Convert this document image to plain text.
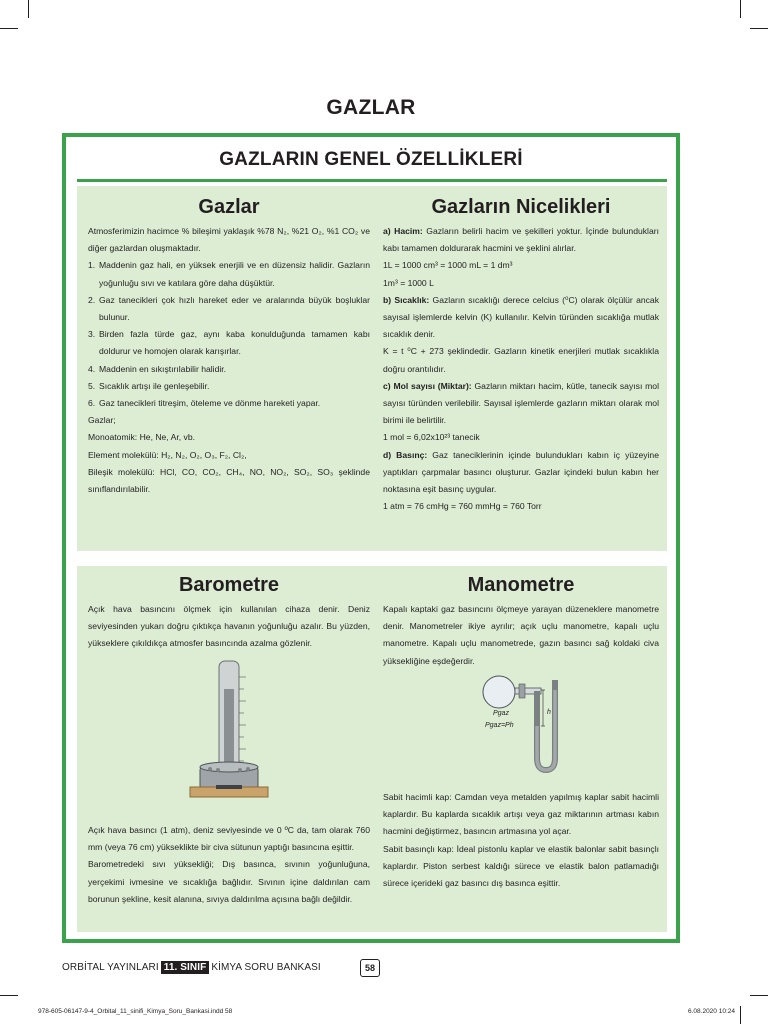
GAZLAR
GAZLARIN GENEL ÖZELLİKLERİ
Gazlar

Atmosferimizin hacimce % bileşimi yaklaşık %78 N₂, %21 O₂, %1 CO₂ ve diğer gazlardan oluşmaktadır.

1. Maddenin gaz hali, en yüksek enerjili ve en düzensiz halidir. Gazların yoğunluğu sıvı ve katılara göre daha düşüktür.
2. Gaz tanecikleri çok hızlı hareket eder ve aralarında büyük boşluklar bulunur.
3. Birden fazla türde gaz, aynı kaba konulduğunda tamamen kabı doldurur ve homojen olarak karışırlar.
4. Maddenin en sıkıştırılabilir halidir.
5. Sıcaklık artışı ile genleşebilir.
6. Gaz tanecikleri titreşim, öteleme ve dönme hareketi yapar.

Gazlar;

Monoatomik: He, Ne, Ar, vb.

Element molekülü: H₂, N₂, O₂, O₃, F₂, Cl₂,

Bileşik molekülü: HCl, CO, CO₂, CH₄, NO, NO₂, SO₂, SO₃ şeklinde sınıflandırılabilir.

Gazların Nicelikleri

a) Hacim: Gazların belirli hacim ve şekilleri yoktur. İçinde bulundukları kabı tamamen doldurarak hacmini ve şeklini alırlar.

1L = 1000 cm³ = 1000 mL = 1 dm³

1m³ = 1000 L

b) Sıcaklık: Gazların sıcaklığı derece celcius (⁰C) olarak ölçülür ancak sayısal işlemlerde kelvin (K) kullanılır. Kelvin türünden sıcaklığa mutlak sıcaklık denir.

K = t ⁰C + 273 şeklindedir. Gazların kinetik enerjileri mutlak sıcaklıkla doğru orantılıdır.

c) Mol sayısı (Miktar): Gazların miktarı hacim, kütle, tanecik sayısı mol sayısı türünden verilebilir. Sayısal işlemlerde gazların miktarı olarak mol birimi ile belirtilir.

1 mol = 6,02x10²³ tanecik

d) Basınç: Gaz taneciklerinin içinde bulundukları kabın iç yüzeyine yaptıkları çarpmalar basıncı oluşturur. Gazlar içindeki bulun kabın her noktasına eşit basınç uygular.

1 atm = 76 cmHg = 760 mmHg = 760 Torr

Barometre

Açık hava basıncını ölçmek için kullanılan cihaza denir. Deniz seviyesinden yukarı doğru çıktıkça havanın yoğunluğu azalır. Bu yüzden, yükseklere çıkıldıkça atmosfer basıncında azalma gözlenir.

Açık hava basıncı (1 atm), deniz seviyesinde ve 0 ºC da, tam olarak 760 mm (veya 76 cm) yükseklikte bir civa sütunun yaptığı basıncına eşittir.

Barometredeki sıvı yüksekliği; Dış basınca, sıvının yoğunluğuna, yerçekimi ivmesine ve sıcaklığa bağlıdır. Sıvının içine daldırılan cam borunun şekline, kesit alanına, sıvıya daldırılma açısına bağlı değildir.

Manometre

Kapalı kaptaki gaz basıncını ölçmeye yarayan düzeneklere manometre denir. Manometreler ikiye ayrılır; açık uçlu manometre, kapalı uçlu manometre. Kapalı uçlu manometrede, gazın basıncı sağ koldaki civa yüksekliğine eşdeğerdir.

Pgaz
Pgaz=Ph
h

Sabit hacimli kap: Camdan veya metalden yapılmış kaplar sabit hacimli kaplardır. Bu kaplarda sıcaklık artışı veya gaz miktarının artması kabın hacmini değiştirmez, basıncın artmasına yol açar.

Sabit basınçlı kap: İdeal pistonlu kaplar ve elastik balonlar sabit basınçlı kaplardır. Piston serbest kaldığı sürece ve elastik balon patlamadığı sürece içerideki gaz basıncı dış basınca eşittir.

ORBİTAL YAYINLARI 11. SINIF KİMYA SORU BANKASI	58
978-605-06147-9-4_Orbital_11_sinifi_Kimya_Soru_Bankasi.indd 58	6.08.2020 10:24
